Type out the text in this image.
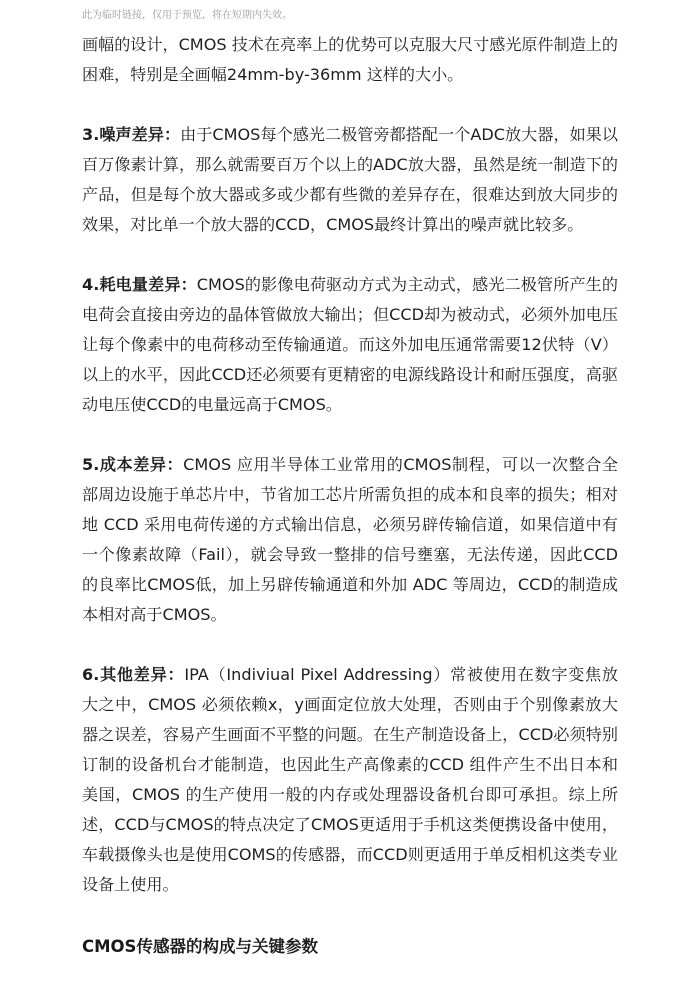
此为临时链接，仅用于预览，将在短期内失效。

画幅的设计，CMOS 技术在亮率上的优势可以克服大尺寸感光原件制造上的困难，特别是全画幅24mm-by-36mm 这样的大小。

3.噪声差异：由于CMOS每个感光二极管旁都搭配一个ADC放大器，如果以百万像素计算，那么就需要百万个以上的ADC放大器，虽然是统一制造下的产品，但是每个放大器或多或少都有些微的差异存在，很难达到放大同步的效果，对比单一个放大器的CCD，CMOS最终计算出的噪声就比较多。

4.耗电量差异：CMOS的影像电荷驱动方式为主动式，感光二极管所产生的电荷会直接由旁边的晶体管做放大输出；但CCD却为被动式，必须外加电压让每个像素中的电荷移动至传输通道。而这外加电压通常需要12伏特（V）以上的水平，因此CCD还必须要有更精密的电源线路设计和耐压强度，高驱动电压使CCD的电量远高于CMOS。

5.成本差异：CMOS 应用半导体工业常用的CMOS制程，可以一次整合全部周边设施于单芯片中，节省加工芯片所需负担的成本和良率的损失；相对地 CCD 采用电荷传递的方式输出信息，必须另辟传输信道，如果信道中有一个像素故障（Fail），就会导致一整排的信号壅塞，无法传递，因此CCD的良率比CMOS低，加上另辟传输通道和外加 ADC 等周边，CCD的制造成本相对高于CMOS。

6.其他差异：IPA（Indiviual Pixel Addressing）常被使用在数字变焦放大之中，CMOS 必须依赖x，y画面定位放大处理，否则由于个别像素放大器之误差，容易产生画面不平整的问题。在生产制造设备上，CCD必须特别订制的设备机台才能制造，也因此生产高像素的CCD 组件产生不出日本和美国，CMOS 的生产使用一般的内存或处理器设备机台即可承担。综上所述，CCD与CMOS的特点决定了CMOS更适用于手机这类便携设备中使用，车载摄像头也是使用COMS的传感器，而CCD则更适用于单反相机这类专业设备上使用。

CMOS传感器的构成与关键参数
